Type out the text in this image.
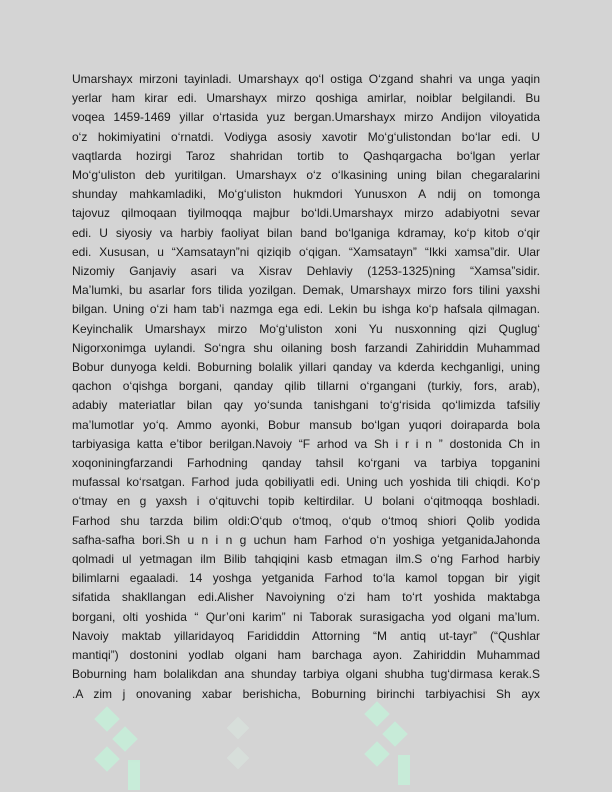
Umarshayx mirzoni tayinladi. Umarshayx qo‘l ostiga O‘zgand shahri va unga yaqin
yerlar ham kirar edi. Umarshayx mirzo qoshiga amirlar, noiblar belgilandi. Bu
voqea 1459-1469 yillar o‘rtasida yuz bergan.Umarshayx mirzo Andijon viloyatida
o‘z hokimiyatini o‘rnatdi. Vodiyga asosiy xavotir Mo‘g‘ulistondan bo‘lar edi. U
vaqtlarda hozirgi Taroz shahridan tortib to Qashqargacha bo‘lgan yerlar
Mo‘g‘uliston deb yuritilgan. Umarshayx o‘z o‘lkasining uning bilan chegaralarini
shunday mahkamladiki, Mo‘g‘uliston hukmdori Yunusxon A ndij on tomonga
tajovuz qilmoqaan tiyilmoqqa majbur bo‘ldi.Umarshayx mirzo adabiyotni sevar
edi. U siyosiy va harbiy faoliyat bilan band bo‘lganiga kdramay, ko‘p kitob o‘qir
edi. Xususan, u “Xamsatayn”ni qiziqib o‘qigan. “Xamsatayn” “Ikki xamsa”dir. Ular
Nizomiy Ganjaviy asari va Xisrav Dehlaviy (1253-1325)ning “Xamsa”sidir.
Ma’lumki, bu asarlar fors tilida yozilgan. Demak, Umarshayx mirzo fors tilini yaxshi
bilgan. Uning o‘zi ham tab’i nazmga ega edi. Lekin bu ishga ko‘p hafsala qilmagan.
Keyinchalik Umarshayx mirzo Mo‘g‘uliston xoni Yu nusxonning qizi Quglug‘
Nigorxonimga uylandi. So‘ngra shu oilaning bosh farzandi Zahiriddin Muhammad
Bobur dunyoga keldi. Boburning bolalik yillari qanday va kderda kechganligi, uning
qachon o‘qishga borgani, qanday qilib tillarni o‘rgangani (turkiy, fors, arab),
adabiy materiatlar bilan qay yo‘sunda tanishgani to‘g‘risida qo‘limizda tafsiliy
ma’lumotlar yo‘q. Ammo ayonki, Bobur mansub bo‘lgan yuqori doiraparda bola
tarbiyasiga katta e’tibor berilgan.Navoiy “F arhod va Sh i r i n ” dostonida Ch in
xoqoniningfarzandi Farhodning qanday tahsil ko‘rgani va tarbiya topganini
mufassal ko‘rsatgan. Farhod juda qobiliyatli edi. Uning uch yoshida tili chiqdi. Ko‘p
o‘tmay en g yaxsh i o‘qituvchi topib keltirdilar. U bolani o‘qitmoqqa boshladi.
Farhod shu tarzda bilim oldi:O‘qub o‘tmoq, o‘qub o‘tmoq shiori Qolib yodida
safha-safha bori.Sh u n i n g uchun ham Farhod o‘n yoshiga yetganidaJahonda
qolmadi ul yetmagan ilm Bilib tahqiqini kasb etmagan ilm.S o‘ng Farhod harbiy
bilimlarni egaaladi. 14 yoshga yetganida Farhod to‘la kamol topgan bir yigit
sifatida shakllangan edi.Alisher Navoiyning o‘zi ham to‘rt yoshida maktabga
borgani, olti yoshida “ Qur’oni karim” ni Taborak surasigacha yod olgani ma’lum.
Navoiy maktab yillaridayoq Farididdin Attorning “M antiq ut-tayr” (“Qushlar
mantiqi”) dostonini yodlab olgani ham barchaga ayon. Zahiriddin Muhammad
Boburning ham bolalikdan ana shunday tarbiya olgani shubha tug‘dirmasa kerak.S
.A zim j onovaning xabar berishicha, Boburning birinchi tarbiyachisi Sh ayx
